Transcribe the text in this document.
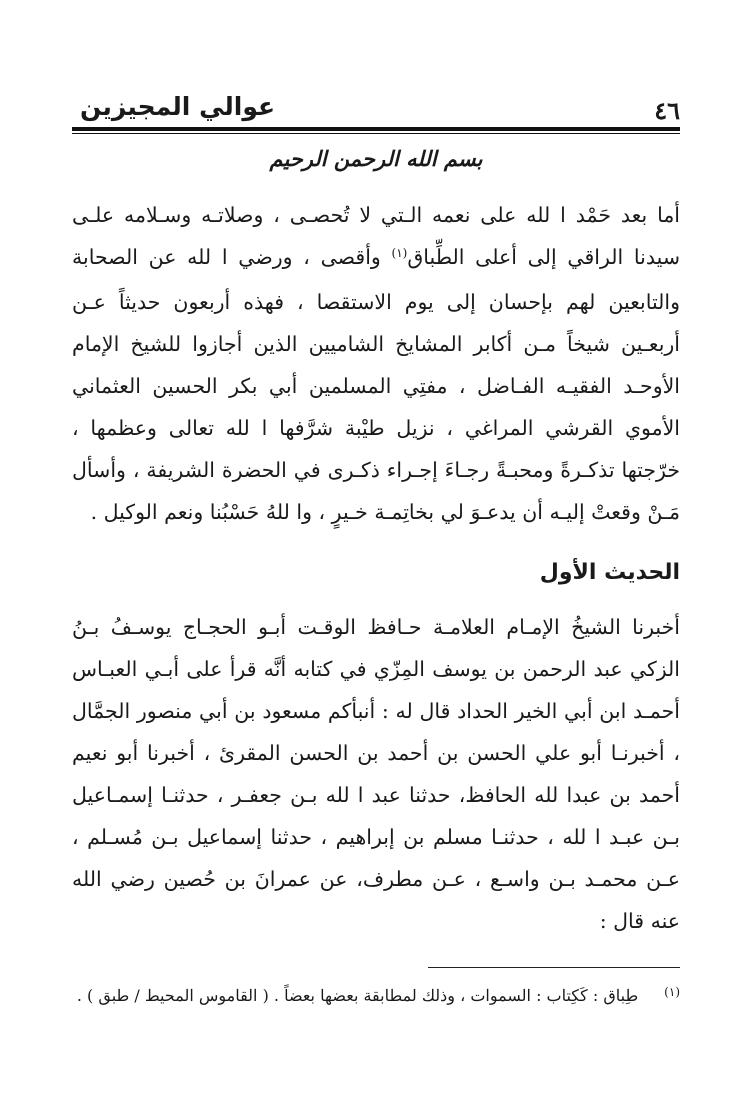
٤٦
عوالي المجيزين
بسم الله الرحمن الرحيم

أما بعد حَمْد ا لله على نعمه الـتي لا تُحصـى ، وصلاتـه وسـلامه علـى سيدنا الراقي إلى أعلى الطِّباق$^{(١)}$ وأقصى ، ورضي ا لله عن الصحابة والتابعين لهم بإحسان إلى يوم الاستقصا ، فهذه أربعون حديثاً عـن أربعـين شيخاً مـن أكابر المشايخ الشاميين الذين أجازوا للشيخ الإمام الأوحـد الفقيـه الفـاضل ، مفتِي المسلمين أبي بكر الحسين العثماني الأموي القرشي المراغي ، نزيل طيْبة شرَّفها ا لله تعالى وعظمها ، خرّجتها تذكـرةً ومحبـةً رجـاءَ إجـراء ذكـرى في الحضرة الشريفة ، وأسأل مَـنْ وقعتْ إليـه أن يدعـوَ لي بخاتِمـة خـيرٍ ، وا للهُ حَسْبُنا ونعم الوكيل .

الحديث الأول

أخبرنا الشيخُ الإمـام العلامـة حـافظ الوقـت أبـو الحجـاج يوسـفُ بـنُ الزكي عبد الرحمن بن يوسف المِزّي في كتابه أنَّه قرأ على أبـي العبـاس أحمـد ابن أبي الخير الحداد قال له : أنبأكم مسعود بن أبي منصور الجمَّال ، أخبرنـا أبو علي الحسن بن أحمد بن الحسن المقرئ ، أخبرنا أبو نعيم أحمد بن عبدا لله الحافظ، حدثنا عبد ا لله بـن جعفـر ، حدثنـا إسمـاعيل بـن عبـد ا لله ، حدثنـا مسلم بن إبراهيم ، حدثنا إسماعيل بـن مُسـلم ، عـن محمـد بـن واسـع ، عـن مطرف، عن عمرانَ بن حُصين رضي الله عنه قال :

(١)طِباق : كَكِتاب : السموات ، وذلك لمطابقة بعضها بعضاً . ( القاموس المحيط / طبق ) .
